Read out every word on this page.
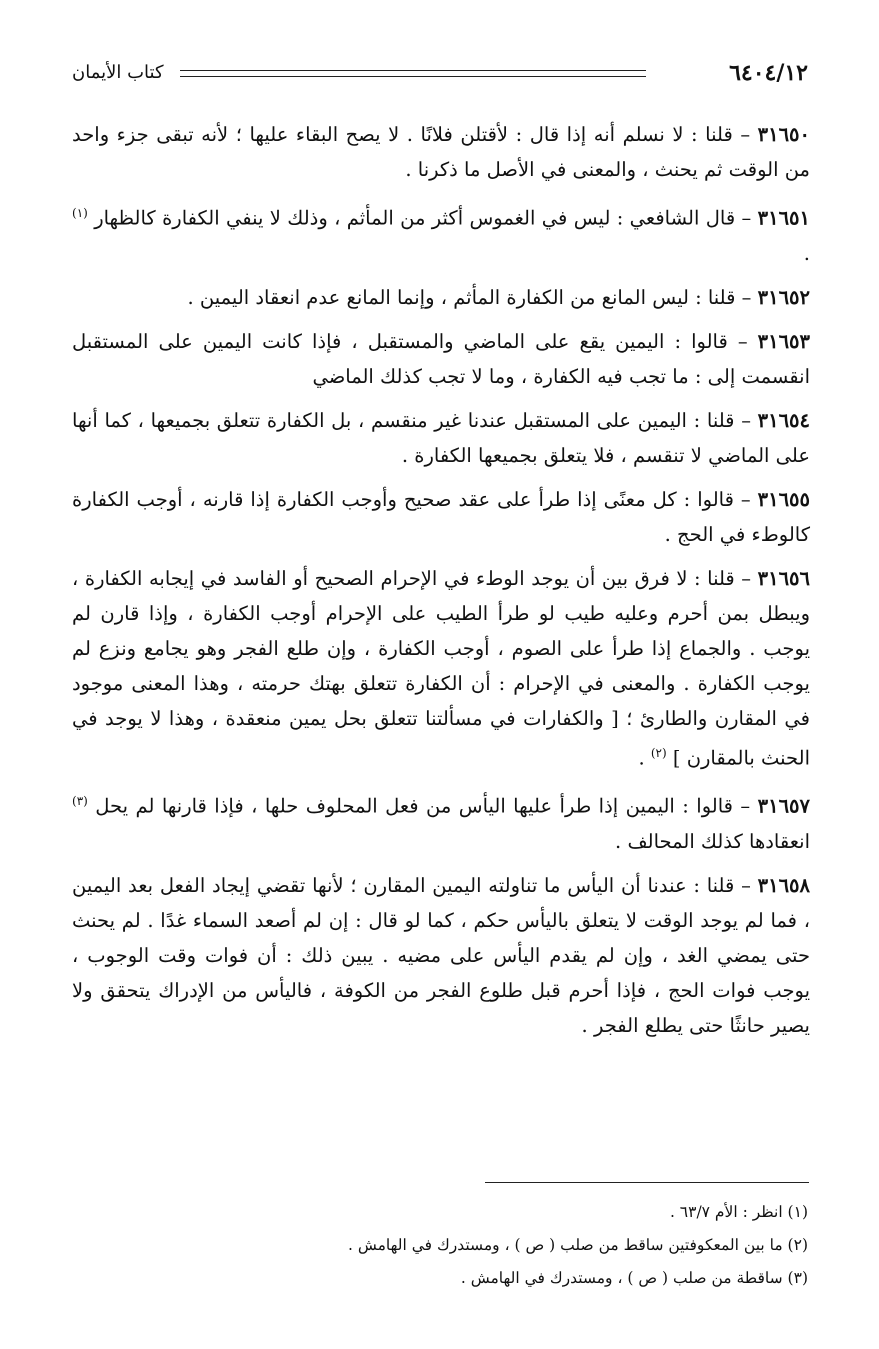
٦٤٠٤/١٢
كتاب الأيمان

٣١٦٥٠ – قلنا : لا نسلم أنه إذا قال : لأقتلن فلانًا . لا يصح البقاء عليها ؛ لأنه تبقى جزء واحد من الوقت ثم يحنث ، والمعنى في الأصل ما ذكرنا .

٣١٦٥١ – قال الشافعي : ليس في الغموس أكثر من المأثم ، وذلك لا ينفي الكفارة كالظهار $^{(١)}$ .

٣١٦٥٢ – قلنا : ليس المانع من الكفارة المأثم ، وإنما المانع عدم انعقاد اليمين .

٣١٦٥٣ – قالوا : اليمين يقع على الماضي والمستقبل ، فإذا كانت اليمين على المستقبل انقسمت إلى : ما تجب فيه الكفارة ، وما لا تجب كذلك الماضي

٣١٦٥٤ – قلنا : اليمين على المستقبل عندنا غير منقسم ، بل الكفارة تتعلق بجميعها ، كما أنها على الماضي لا تنقسم ، فلا يتعلق بجميعها الكفارة .

٣١٦٥٥ – قالوا : كل معنًى إذا طرأ على عقد صحيح وأوجب الكفارة إذا قارنه ، أوجب الكفارة كالوطء في الحج .

٣١٦٥٦ – قلنا : لا فرق بين أن يوجد الوطء في الإحرام الصحيح أو الفاسد في إيجابه الكفارة ، ويبطل بمن أحرم وعليه طيب لو طرأ الطيب على الإحرام أوجب الكفارة ، وإذا قارن لم يوجب . والجماع إذا طرأ على الصوم ، أوجب الكفارة ، وإن طلع الفجر وهو يجامع ونزع لم يوجب الكفارة . والمعنى في الإحرام : أن الكفارة تتعلق بهتك حرمته ، وهذا المعنى موجود في المقارن والطارئ ؛ [ والكفارات في مسألتنا تتعلق بحل يمين منعقدة ، وهذا لا يوجد في الحنث بالمقارن ] $^{(٢)}$ .

٣١٦٥٧ – قالوا : اليمين إذا طرأ عليها اليأس من فعل المحلوف حلها ، فإذا قارنها لم يحل $^{(٣)}$ انعقادها كذلك المحالف .

٣١٦٥٨ – قلنا : عندنا أن اليأس ما تناولته اليمين المقارن ؛ لأنها تقضي إيجاد الفعل بعد اليمين ، فما لم يوجد الوقت لا يتعلق باليأس حكم ، كما لو قال : إن لم أصعد السماء غدًا . لم يحنث حتى يمضي الغد ، وإن لم يقدم اليأس على مضيه . يبين ذلك : أن فوات وقت الوجوب ، يوجب فوات الحج ، فإذا أحرم قبل طلوع الفجر من الكوفة ، فاليأس من الإدراك يتحقق ولا يصير حانثًا حتى يطلع الفجر .

(١) انظر : الأم ٦٣/٧ .

(٢) ما بين المعكوفتين ساقط من صلب ( ص ) ، ومستدرك في الهامش .

(٣) ساقطة من صلب ( ص ) ، ومستدرك في الهامش .
